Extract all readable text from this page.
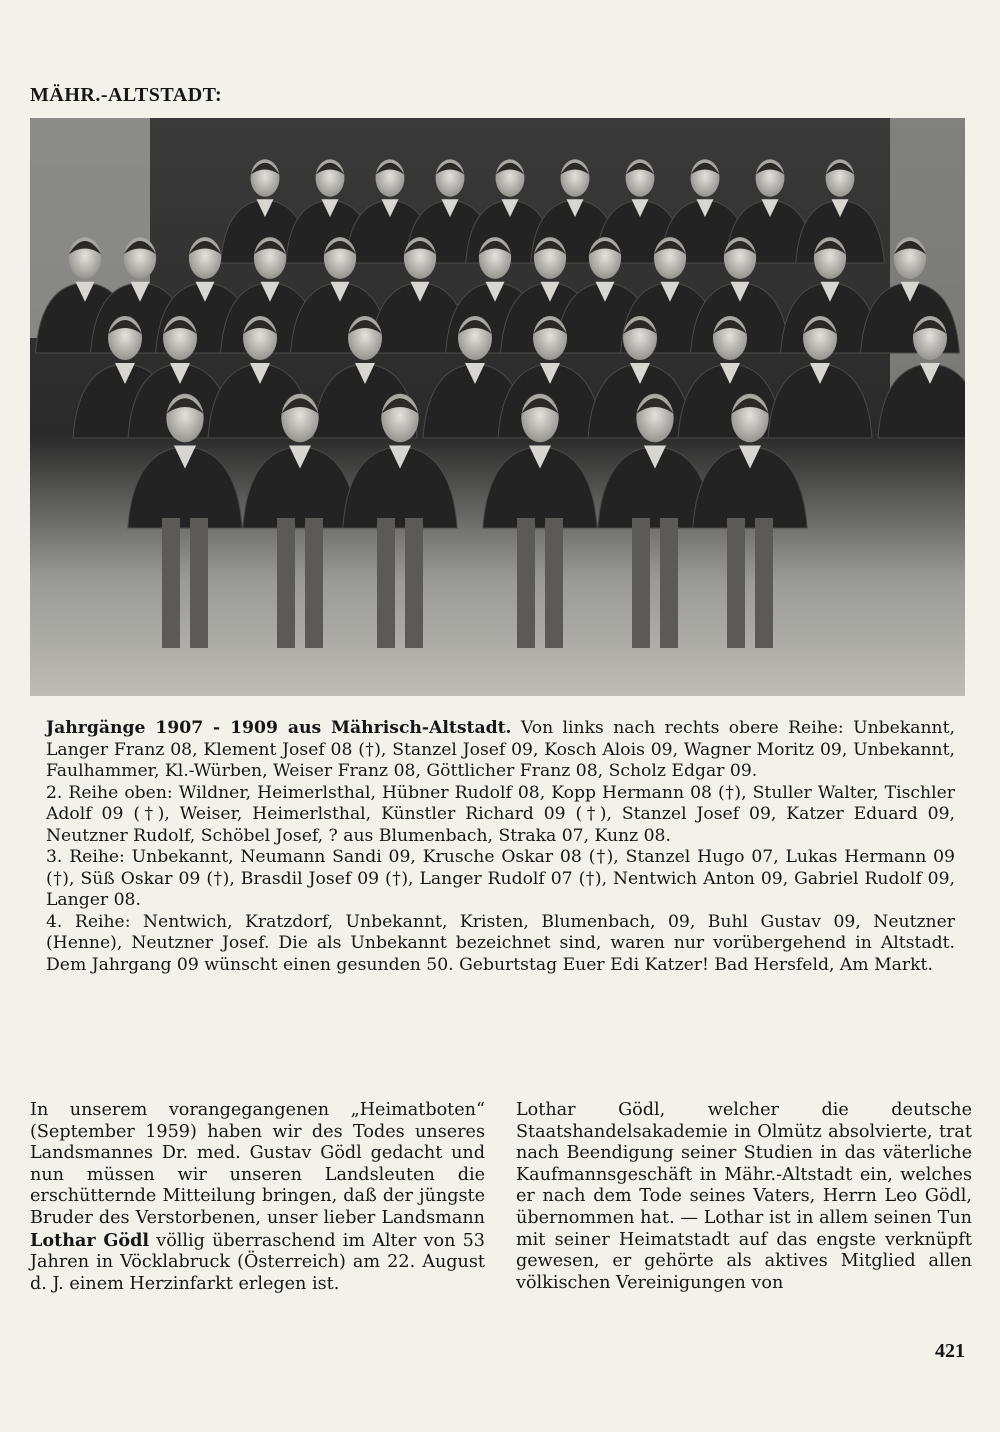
MÄHR.-ALTSTADT:

Jahrgänge 1907 - 1909 aus Mährisch-Altstadt. Von links nach rechts obere Reihe: Unbekannt, Langer Franz 08, Klement Josef 08 (†), Stanzel Josef 09, Kosch Alois 09, Wagner Moritz 09, Unbekannt, Faulhammer, Kl.-Würben, Weiser Franz 08, Göttlicher Franz 08, Scholz Edgar 09.

2. Reihe oben: Wildner, Heimerlsthal, Hübner Rudolf 08, Kopp Hermann 08 (†), Stuller Walter, Tischler Adolf 09 (†), Weiser, Heimerlsthal, Künstler Richard 09 (†), Stanzel Josef 09, Katzer Eduard 09, Neutzner Rudolf, Schöbel Josef, ? aus Blumenbach, Straka 07, Kunz 08.

3. Reihe: Unbekannt, Neumann Sandi 09, Krusche Oskar 08 (†), Stanzel Hugo 07, Lukas Hermann 09 (†), Süß Oskar 09 (†), Brasdil Josef 09 (†), Langer Rudolf 07 (†), Nentwich Anton 09, Gabriel Rudolf 09, Langer 08.

4. Reihe: Nentwich, Kratzdorf, Unbekannt, Kristen, Blumenbach, 09, Buhl Gustav 09, Neutzner (Henne), Neutzner Josef. Die als Unbekannt bezeichnet sind, waren nur vorübergehend in Altstadt. Dem Jahrgang 09 wünscht einen gesunden 50. Geburtstag Euer Edi Katzer! Bad Hersfeld, Am Markt.

In unserem vorangegangenen „Heimatboten“ (September 1959) haben wir des Todes unseres Landsmannes Dr. med. Gustav Gödl gedacht und nun müssen wir unseren Landsleuten die erschütternde Mitteilung bringen, daß der jüngste Bruder des Verstorbenen, unser lieber Landsmann Lothar Gödl völlig überraschend im Alter von 53 Jahren in Vöcklabruck (Österreich) am 22. August d. J. einem Herzinfarkt erlegen ist.

Lothar Gödl, welcher die deutsche Staatshandelsakademie in Olmütz absolvierte, trat nach Beendigung seiner Studien in das väterliche Kaufmannsgeschäft in Mähr.-Altstadt ein, welches er nach dem Tode seines Vaters, Herrn Leo Gödl, übernommen hat. — Lothar ist in allem seinen Tun mit seiner Heimatstadt auf das engste verknüpft gewesen, er gehörte als aktives Mitglied allen völkischen Vereinigungen von

421
